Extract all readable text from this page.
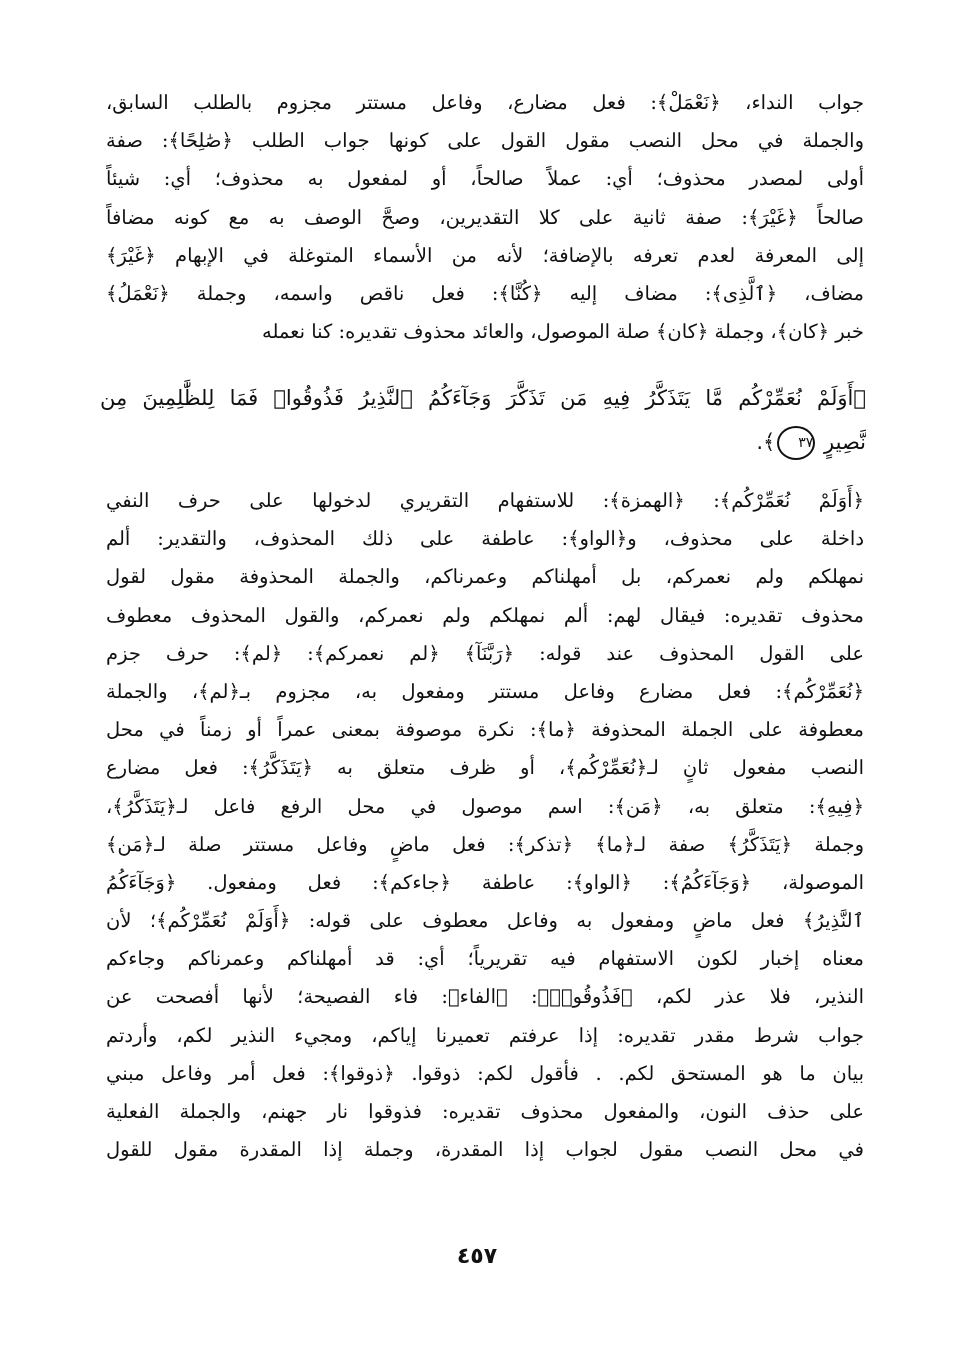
جواب النداء، ﴿نَعْمَلْ﴾: فعل مضارع، وفاعل مستتر مجزوم بالطلب السابق،
والجملة في محل النصب مقول القول على كونها جواب الطلب ﴿صَٰلِحًا﴾: صفة
أولى لمصدر محذوف؛ أي: عملاً صالحاً، أو لمفعول به محذوف؛ أي: شيئاً
صالحاً ﴿غَيْرَ﴾: صفة ثانية على كلا التقديرين، وصحَّ الوصف به مع كونه مضافاً
إلى المعرفة لعدم تعرفه بالإضافة؛ لأنه من الأسماء المتوغلة في الإبهام ﴿غَيْرَ﴾
مضاف، ﴿ٱلَّذِى﴾: مضاف إليه ﴿كُنَّا﴾: فعل ناقص واسمه، وجملة ﴿نَعْمَلُ﴾
خبر ﴿كان﴾، وجملة ﴿كان﴾ صلة الموصول، والعائد محذوف تقديره: كنا نعمله
﴿أَوَلَمْ نُعَمِّرْكُم مَّا يَتَذَكَّرُ فِيهِ مَن تَذَكَّرَ وَجَآءَكُمُ ٱلنَّذِيرُ فَذُوقُوا۟ فَمَا لِلظَّٰلِمِينَ مِن
نَّصِيرٍ ٣٧﴾.
﴿أَوَلَمْ نُعَمِّرْكُم﴾: ﴿الهمزة﴾: للاستفهام التقريري لدخولها على حرف النفي
داخلة على محذوف، و﴿الواو﴾: عاطفة على ذلك المحذوف، والتقدير: ألم
نمهلكم ولم نعمركم، بل أمهلناكم وعمرناكم، والجملة المحذوفة مقول لقول
محذوف تقديره: فيقال لهم: ألم نمهلكم ولم نعمركم، والقول المحذوف معطوف
على القول المحذوف عند قوله: ﴿رَبَّنَآ﴾ ﴿لم نعمركم﴾: ﴿لم﴾: حرف جزم
﴿نُعَمِّرْكُم﴾: فعل مضارع وفاعل مستتر ومفعول به، مجزوم بـ﴿لم﴾، والجملة
معطوفة على الجملة المحذوفة ﴿ما﴾: نكرة موصوفة بمعنى عمراً أو زمناً في محل
النصب مفعول ثانٍ لـ﴿نُعَمِّرْكُم﴾، أو ظرف متعلق به ﴿يَتَذَكَّرُ﴾: فعل مضارع
﴿فِيهِ﴾: متعلق به، ﴿مَن﴾: اسم موصول في محل الرفع فاعل لـ﴿يَتَذَكَّرُ﴾،
وجملة ﴿يَتَذَكَّرُ﴾ صفة لـ﴿ما﴾ ﴿تذكر﴾: فعل ماضٍ وفاعل مستتر صلة لـ﴿مَن﴾
الموصولة، ﴿وَجَآءَكُمُ﴾: ﴿الواو﴾: عاطفة ﴿جاءكم﴾: فعل ومفعول. ﴿وَجَآءَكُمُ
ٱلنَّذِيرُ﴾ فعل ماضٍ ومفعول به وفاعل معطوف على قوله: ﴿أَوَلَمْ نُعَمِّرْكُم﴾؛ لأن
معناه إخبار لكون الاستفهام فيه تقريرياً؛ أي: قد أمهلناكم وعمرناكم وجاءكم
النذير، فلا عذر لكم، ﴿فَذُوقُوا۟﴾: ﴿الفاء﴾: فاء الفصيحة؛ لأنها أفصحت عن
جواب شرط مقدر تقديره: إذا عرفتم تعميرنا إياكم، ومجيء النذير لكم، وأردتم
بيان ما هو المستحق لكم. . فأقول لكم: ذوقوا. ﴿ذوقوا﴾: فعل أمر وفاعل مبني
على حذف النون، والمفعول محذوف تقديره: فذوقوا نار جهنم، والجملة الفعلية
في محل النصب مقول لجواب إذا المقدرة، وجملة إذا المقدرة مقول للقول
٤٥٧
